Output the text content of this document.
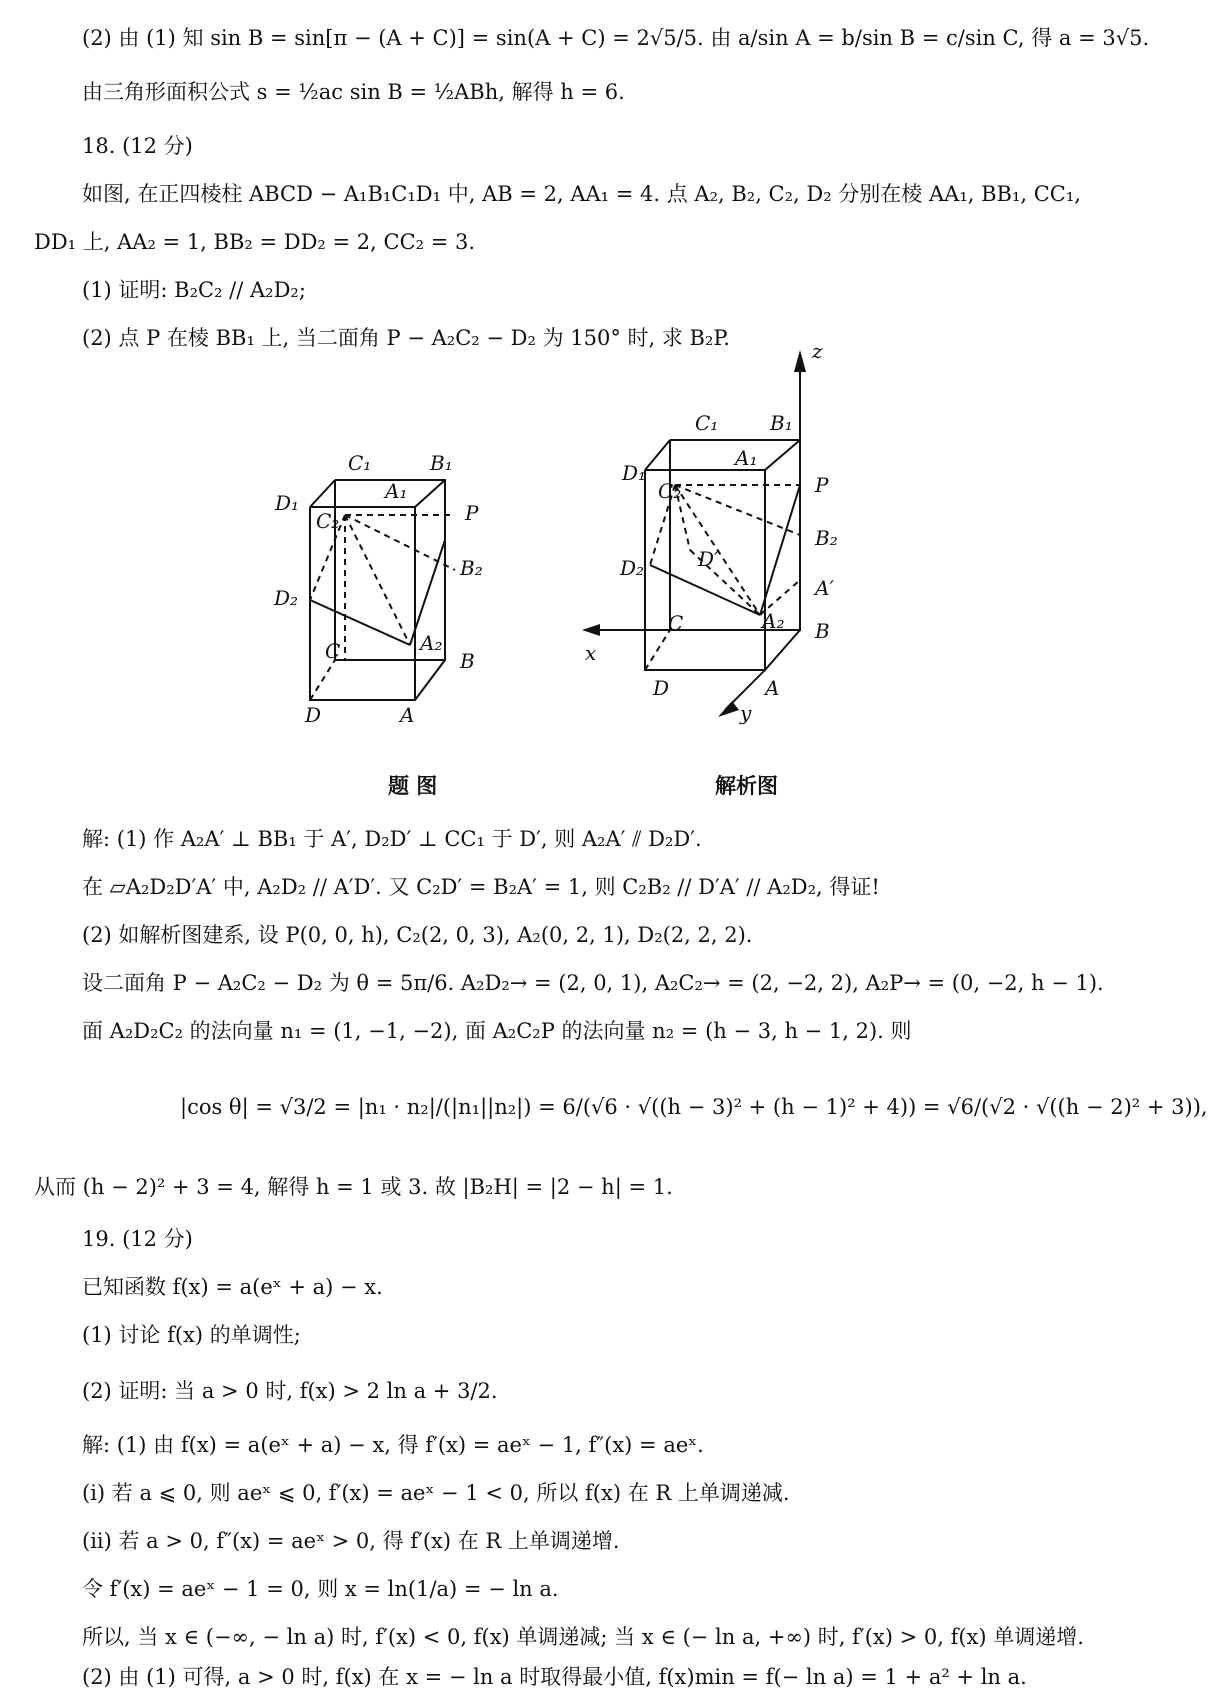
(2) 由 (1) 知 sin B = sin[π − (A + C)] = sin(A + C) = 2√5/5. 由 a/sin A = b/sin B = c/sin C, 得 a = 3√5.
由三角形面积公式 s = ½ac sin B = ½ABh, 解得 h = 6.
18. (12 分)
如图, 在正四棱柱 ABCD − A₁B₁C₁D₁ 中, AB = 2, AA₁ = 4. 点 A₂, B₂, C₂, D₂ 分别在棱 AA₁, BB₁, CC₁,
DD₁ 上, AA₂ = 1, BB₂ = DD₂ = 2, CC₂ = 3.
(1) 证明: B₂C₂ // A₂D₂;
(2) 点 P 在棱 BB₁ 上, 当二面角 P − A₂C₂ − D₂ 为 150° 时, 求 B₂P.
C₁	B₁
D₁	A₁
C₂	P
B₂
D₂
A₂
C	B
D	A
z
C₁	B₁
D₁
A₁
C₂	P
B₂
D′
D₂
A′
C	A₂ B
x
D	A
y
题 图	解析图
解: (1) 作 A₂A′ ⊥ BB₁ 于 A′, D₂D′ ⊥ CC₁ 于 D′, 则 A₂A′ ⫽ D₂D′.
在 ▱A₂D₂D′A′ 中, A₂D₂ // A′D′. 又 C₂D′ = B₂A′ = 1, 则 C₂B₂ // D′A′ // A₂D₂, 得证!
(2) 如解析图建系, 设 P(0, 0, h), C₂(2, 0, 3), A₂(0, 2, 1), D₂(2, 2, 2).
设二面角 P − A₂C₂ − D₂ 为 θ = 5π/6. A₂D₂→ = (2, 0, 1), A₂C₂→ = (2, −2, 2), A₂P→ = (0, −2, h − 1).
面 A₂D₂C₂ 的法向量 n₁ = (1, −1, −2), 面 A₂C₂P 的法向量 n₂ = (h − 3, h − 1, 2). 则
|cos θ| = √3/2 = |n₁ · n₂|/(|n₁||n₂|) = 6/(√6 · √((h − 3)² + (h − 1)² + 4)) = √6/(√2 · √((h − 2)² + 3)),
从而 (h − 2)² + 3 = 4, 解得 h = 1 或 3. 故 |B₂H| = |2 − h| = 1.
19. (12 分)
已知函数 f(x) = a(eˣ + a) − x.
(1) 讨论 f(x) 的单调性;
(2) 证明: 当 a > 0 时, f(x) > 2 ln a + 3/2.
解: (1) 由 f(x) = a(eˣ + a) − x, 得 f′(x) = aeˣ − 1, f″(x) = aeˣ.
(i) 若 a ⩽ 0, 则 aeˣ ⩽ 0, f′(x) = aeˣ − 1 < 0, 所以 f(x) 在 R 上单调递减.
(ii) 若 a > 0, f″(x) = aeˣ > 0, 得 f′(x) 在 R 上单调递增.
令 f′(x) = aeˣ − 1 = 0, 则 x = ln(1/a) = − ln a.
所以, 当 x ∈ (−∞, − ln a) 时, f′(x) < 0, f(x) 单调递减; 当 x ∈ (− ln a, +∞) 时, f′(x) > 0, f(x) 单调递增.
(2) 由 (1) 可得, a > 0 时, f(x) 在 x = − ln a 时取得最小值, f(x)min = f(− ln a) = 1 + a² + ln a.
